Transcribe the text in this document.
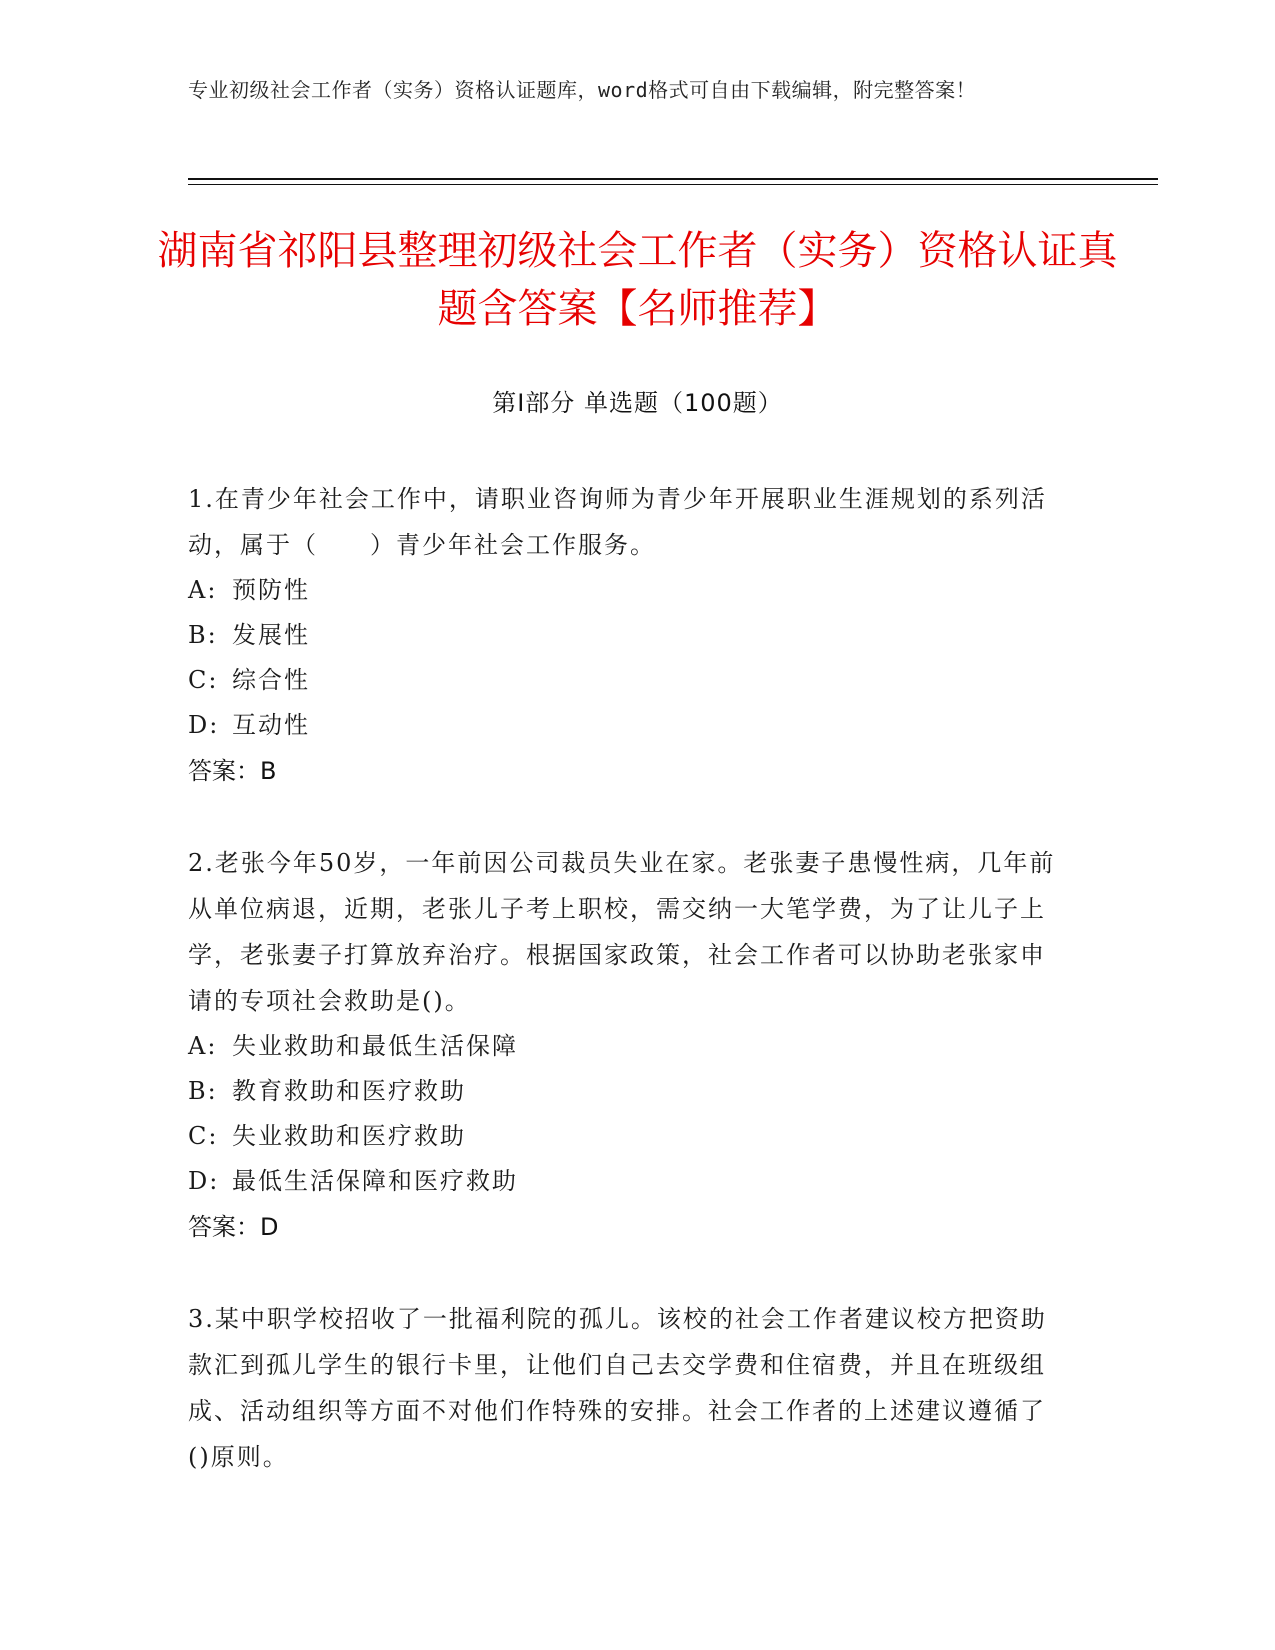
专业初级社会工作者（实务）资格认证题库，word格式可自由下载编辑，附完整答案！
湖南省祁阳县整理初级社会工作者（实务）资格认证真题含答案【名师推荐】
第Ⅰ部分 单选题（100题）

1.在青少年社会工作中，请职业咨询师为青少年开展职业生涯规划的系列活动，属于（　　）青少年社会工作服务。

A: 预防性
B: 发展性
C: 综合性
D: 互动性
答案：B

2.老张今年50岁，一年前因公司裁员失业在家。老张妻子患慢性病，几年前从单位病退，近期，老张儿子考上职校，需交纳一大笔学费，为了让儿子上学，老张妻子打算放弃治疗。根据国家政策，社会工作者可以协助老张家申请的专项社会救助是()。

A: 失业救助和最低生活保障
B: 教育救助和医疗救助
C: 失业救助和医疗救助
D: 最低生活保障和医疗救助
答案：D

3.某中职学校招收了一批福利院的孤儿。该校的社会工作者建议校方把资助款汇到孤儿学生的银行卡里，让他们自己去交学费和住宿费，并且在班级组成、活动组织等方面不对他们作特殊的安排。社会工作者的上述建议遵循了()原则。
